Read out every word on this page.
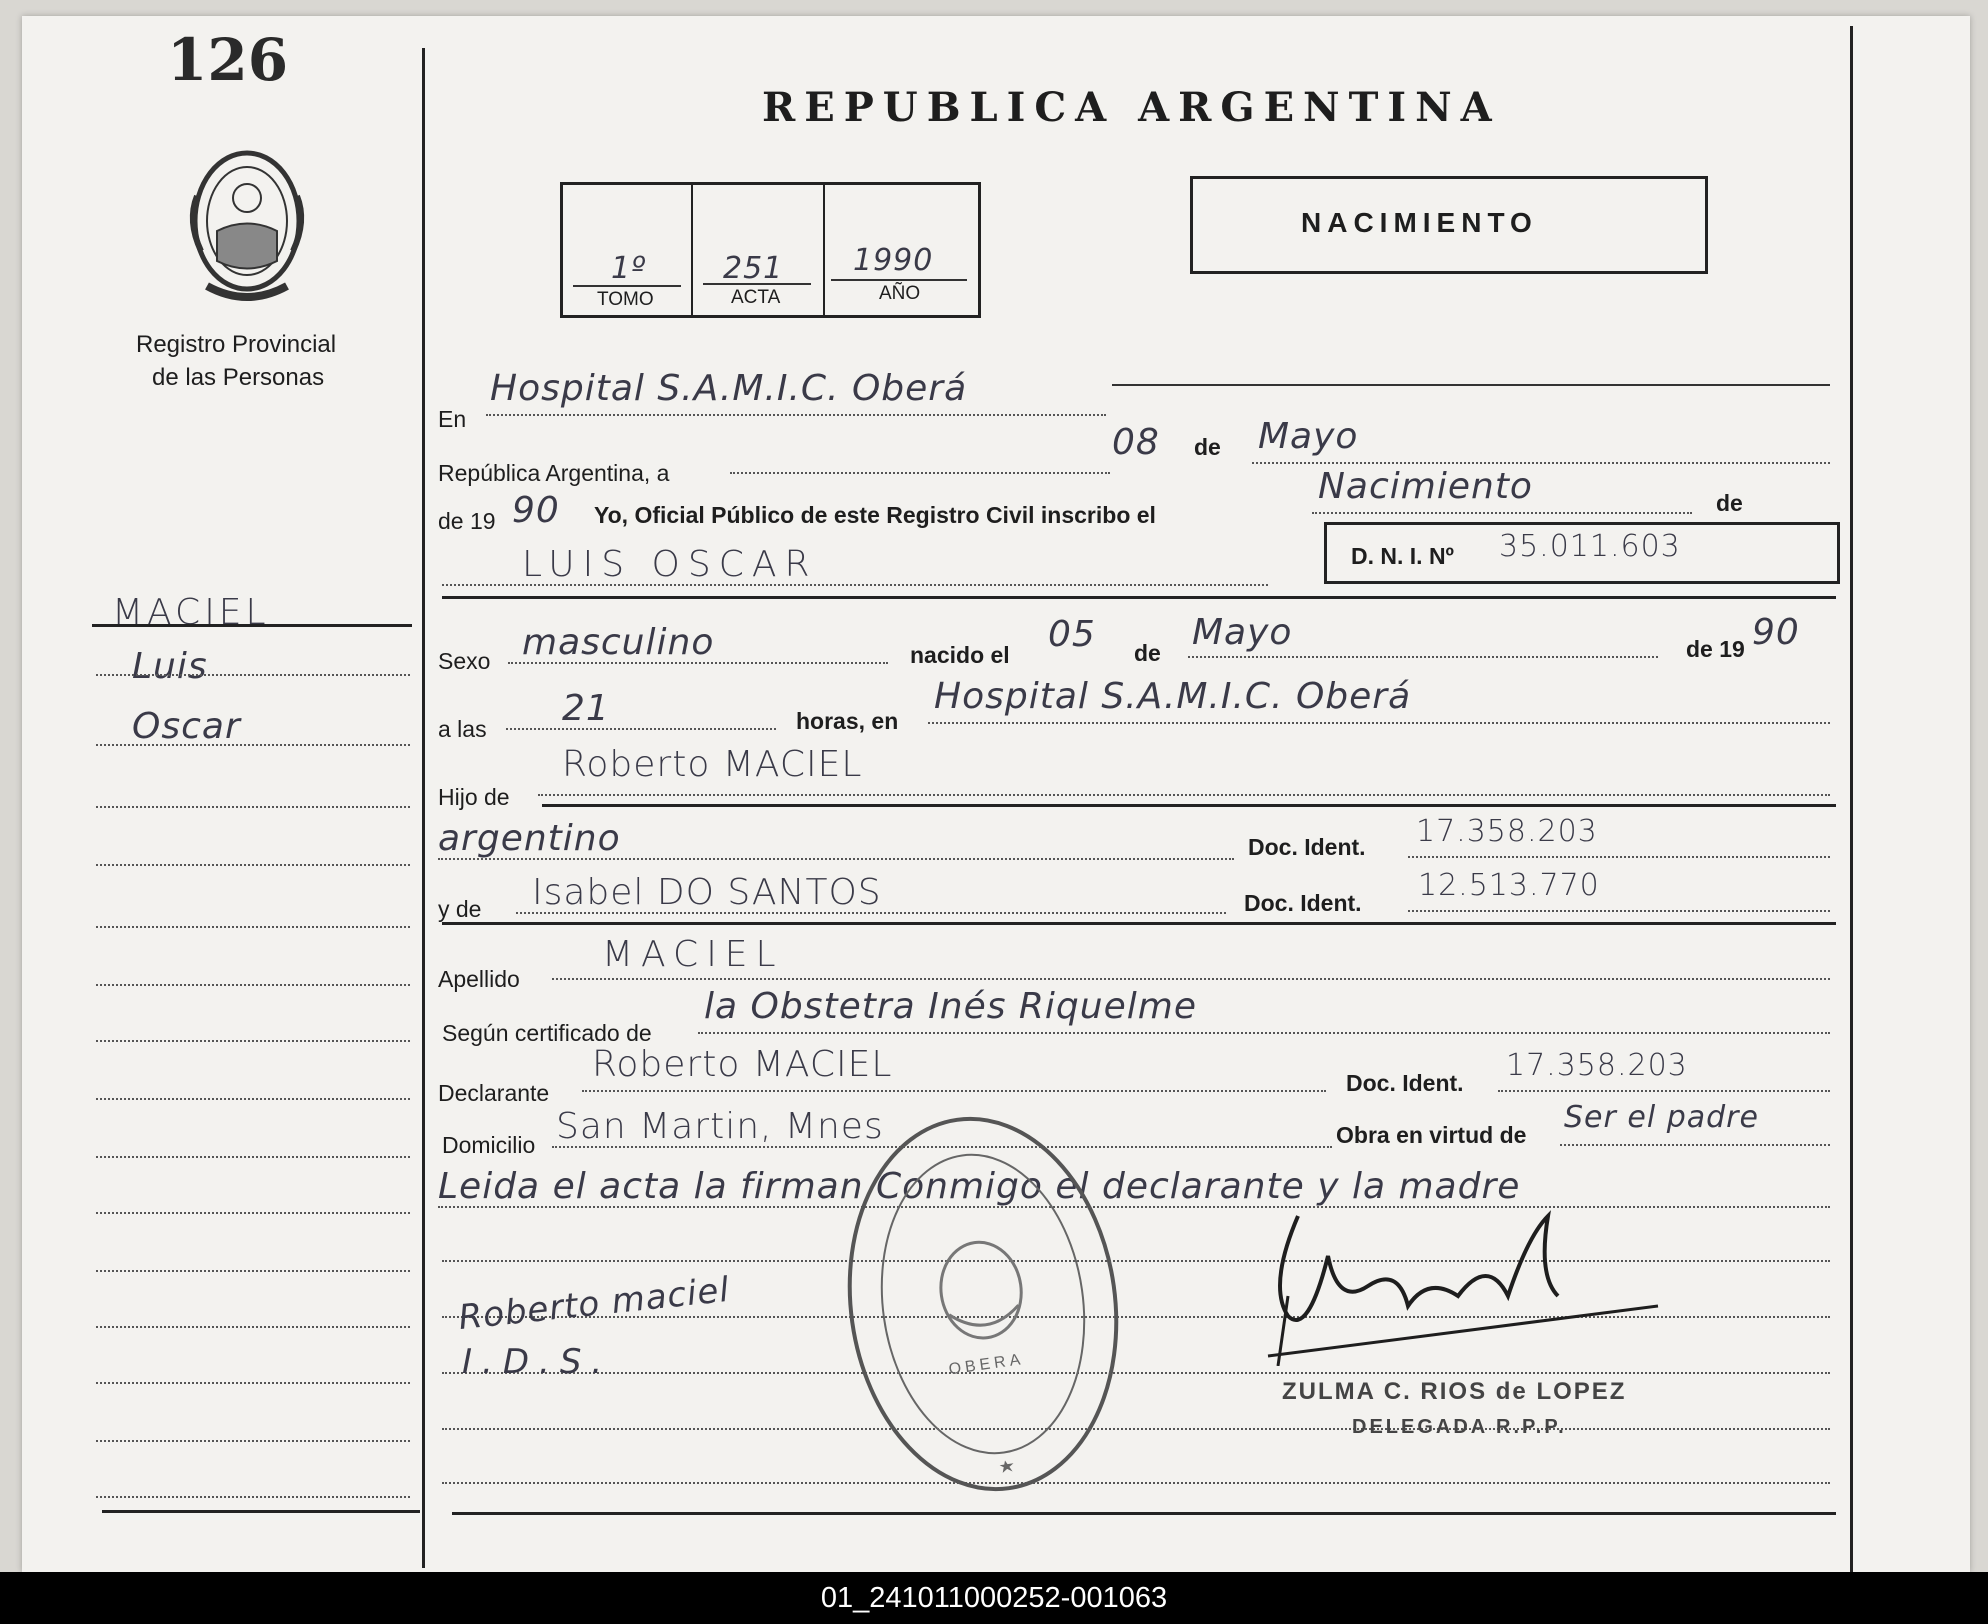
126
Registro Provincial
de las Personas
MACIEL
Luis
Oscar
REPUBLICA ARGENTINA
1º	251 1990
TOMO	ACTA	AÑO
NACIMIENTO
En
Hospital S.A.M.I.C. Oberá
República Argentina, a
08 de Mayo
de 19 90 Yo, Oficial Público de este Registro Civil inscribo el
Nacimiento	de
LUIS OSCAR	D. N. I. Nº 35.011.603
Sexo masculino	nacido el 05 de Mayo	de 19 90
a las 21	horas, en
Hospital S.A.M.I.C. Oberá
Hijo de
Roberto MACIEL
argentino	Doc. Ident. 17.358.203
y de Isabel DO SANTOS	Doc. Ident. 12.513.770
Apellido
MACIEL
Según certificado de
la Obstetra Inés Riquelme
Declarante
Roberto MACIEL	Doc. Ident. 17.358.203
Domicilio San Martin, Mnes	Obra en virtud de Ser el padre
Leida el acta la firman Conmigo el declarante y la madre
Roberto maciel
I.D.S.	OBERA
ZULMA C. RIOS de LOPEZ
DELEGADA R.P.P.
01_241011000252-001063
